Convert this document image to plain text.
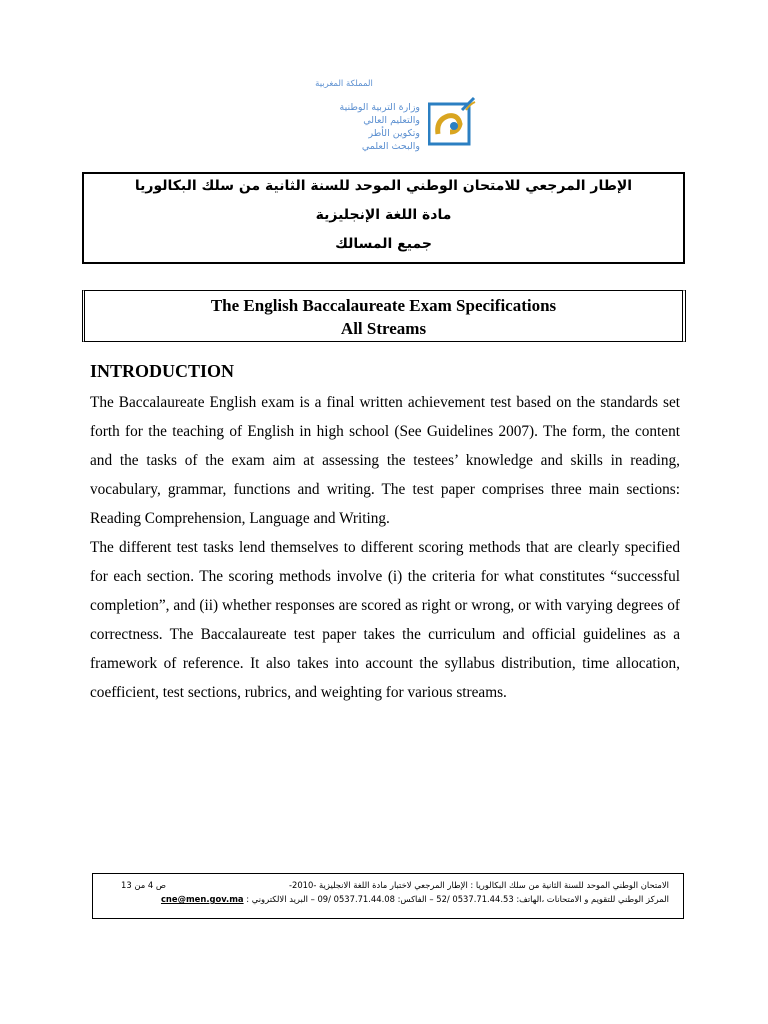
المملكة المغربية
وزارة التربية الوطنية
والتعليم العالي
وتكوين الأطر
والبحث العلمي
الإطار المرجعي للامتحان الوطني الموحد للسنة الثانية من سلك البكالوريا
مادة اللغة الإنجليزية
جميع المسالك
The English Baccalaureate Exam Specifications
All Streams
INTRODUCTION

The Baccalaureate English exam is a final written achievement test based on the standards set forth for the teaching of English in high school (See Guidelines 2007). The form, the content and the tasks of the exam aim at assessing the testees’ knowledge and skills in reading, vocabulary, grammar, functions and writing. The test paper comprises three main sections: Reading Comprehension, Language and Writing.

The different test tasks lend themselves to different scoring methods that are clearly specified for each section. The scoring methods involve (i) the criteria for what constitutes “successful completion”, and (ii) whether responses are scored as right or wrong, or with varying degrees of correctness. The Baccalaureate test paper takes the curriculum and official guidelines as a framework of reference. It also takes into account the syllabus distribution, time allocation, coefficient, test sections, rubrics, and weighting for various streams.

الامتحان الوطني الموحد للسنة الثانية من سلك البكالوريا : الإطار المرجعي لاختبار مادة اللغة الانجليزية -2010-
ص 4 من 13
المركز الوطني للتقويم و الامتحانات ،الهاتف: 0537.71.44.53 /52 – الفاكس: 0537.71.44.08 /09 – البريد الالكتروني : cne@men.gov.ma
